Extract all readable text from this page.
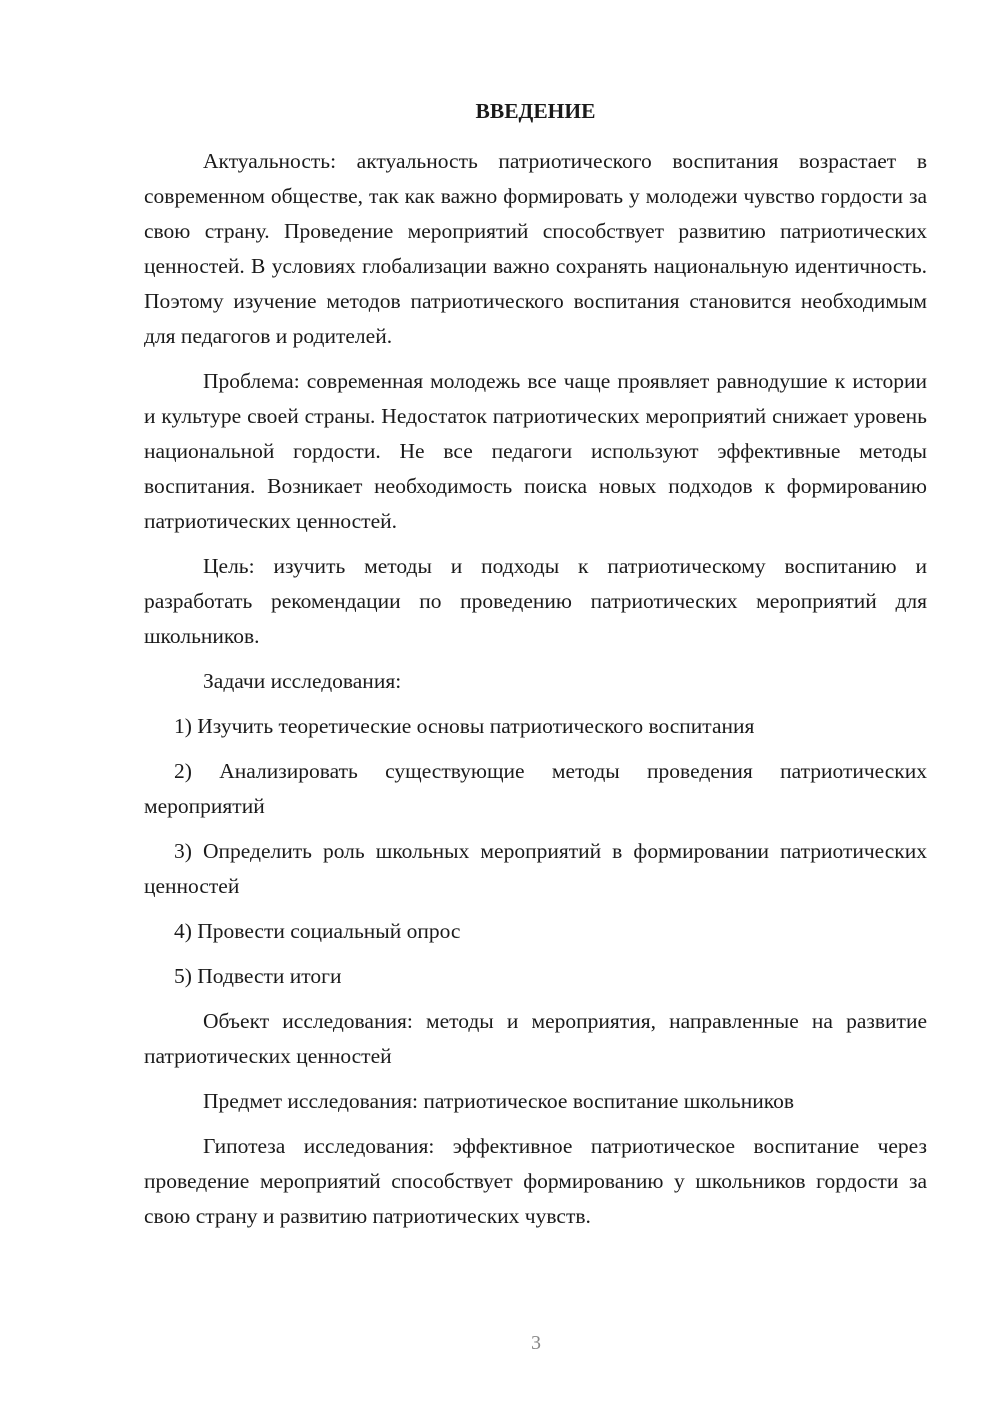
ВВЕДЕНИЕ

Актуальность: актуальность патриотического воспитания возрастает в современном обществе, так как важно формировать у молодежи чувство гордости за свою страну. Проведение мероприятий способствует развитию патриотических ценностей. В условиях глобализации важно сохранять национальную идентичность. Поэтому изучение методов патриотического воспитания становится необходимым для педагогов и родителей.

Проблема: современная молодежь все чаще проявляет равнодушие к истории и культуре своей страны. Недостаток патриотических мероприятий снижает уровень национальной гордости. Не все педагоги используют эффективные методы воспитания. Возникает необходимость поиска новых подходов к формированию патриотических ценностей.

Цель: изучить методы и подходы к патриотическому воспитанию и разработать рекомендации по проведению патриотических мероприятий для школьников.

Задачи исследования:

1) Изучить теоретические основы патриотического воспитания

2) Анализировать существующие методы проведения патриотических мероприятий

3) Определить роль школьных мероприятий в формировании патриотических ценностей

4) Провести социальный опрос

5) Подвести итоги

Объект исследования: методы и мероприятия, направленные на развитие патриотических ценностей

Предмет исследования: патриотическое воспитание школьников

Гипотеза исследования: эффективное патриотическое воспитание через проведение мероприятий способствует формированию у школьников гордости за свою страну и развитию патриотических чувств.

3
